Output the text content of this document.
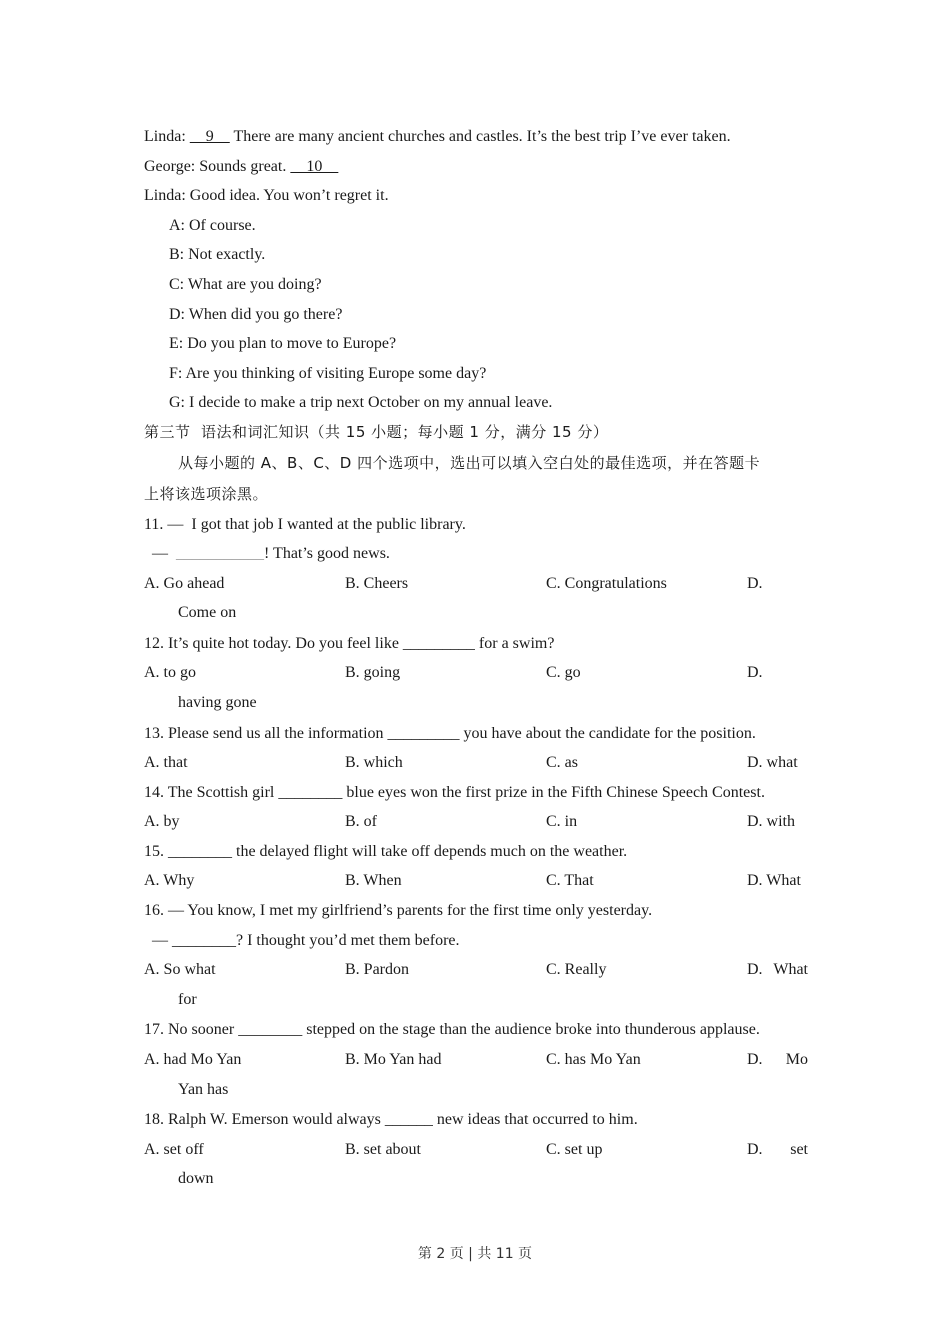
Linda:     9     There are many ancient churches and castles. It’s the best trip I’ve ever taken.
George: Sounds great.     10
Linda: Good idea. You won’t regret it.
A: Of course.
B: Not exactly.
C: What are you doing?
D: When did you go there?
E: Do you plan to move to Europe?
F: Are you thinking of visiting Europe some day?
G: I decide to make a trip next October on my annual leave.
第三节  语法和词汇知识（共 15 小题；每小题 1 分，满分 15 分）
从每小题的 A、B、C、D 四个选项中，选出可以填入空白处的最佳选项，并在答题卡
上将该选项涂黑。
11. —  I got that job I wanted at the public library.
—  ___________! That’s good news.
A. Go ahead	B. Cheers	C. Congratulations	D.
Come on
12. It’s quite hot today. Do you feel like _________ for a swim?
A. to go	B. going	C. go	D.
having gone
13. Please send us all the information _________ you have about the candidate for the position.
A. that	B. which	C. as	D. what
14. The Scottish girl ________ blue eyes won the first prize in the Fifth Chinese Speech Contest.
A. by	B. of	C. in	D. with
15. ________ the delayed flight will take off depends much on the weather.
A. Why	B. When	C. That	D. What
16. — You know, I met my girlfriend’s parents for the first time only yesterday.
— ________? I thought you’d met them before.
A. So what	B. Pardon	C. Really	D. What
for
17. No sooner ________ stepped on the stage than the audience broke into thunderous applause.
A. had Mo Yan	B. Mo Yan had	C. has Mo Yan	D. Mo
Yan has
18. Ralph W. Emerson would always ______ new ideas that occurred to him.
A. set off	B. set about	C. set up	D. set
down
第 2 页 | 共 11 页
